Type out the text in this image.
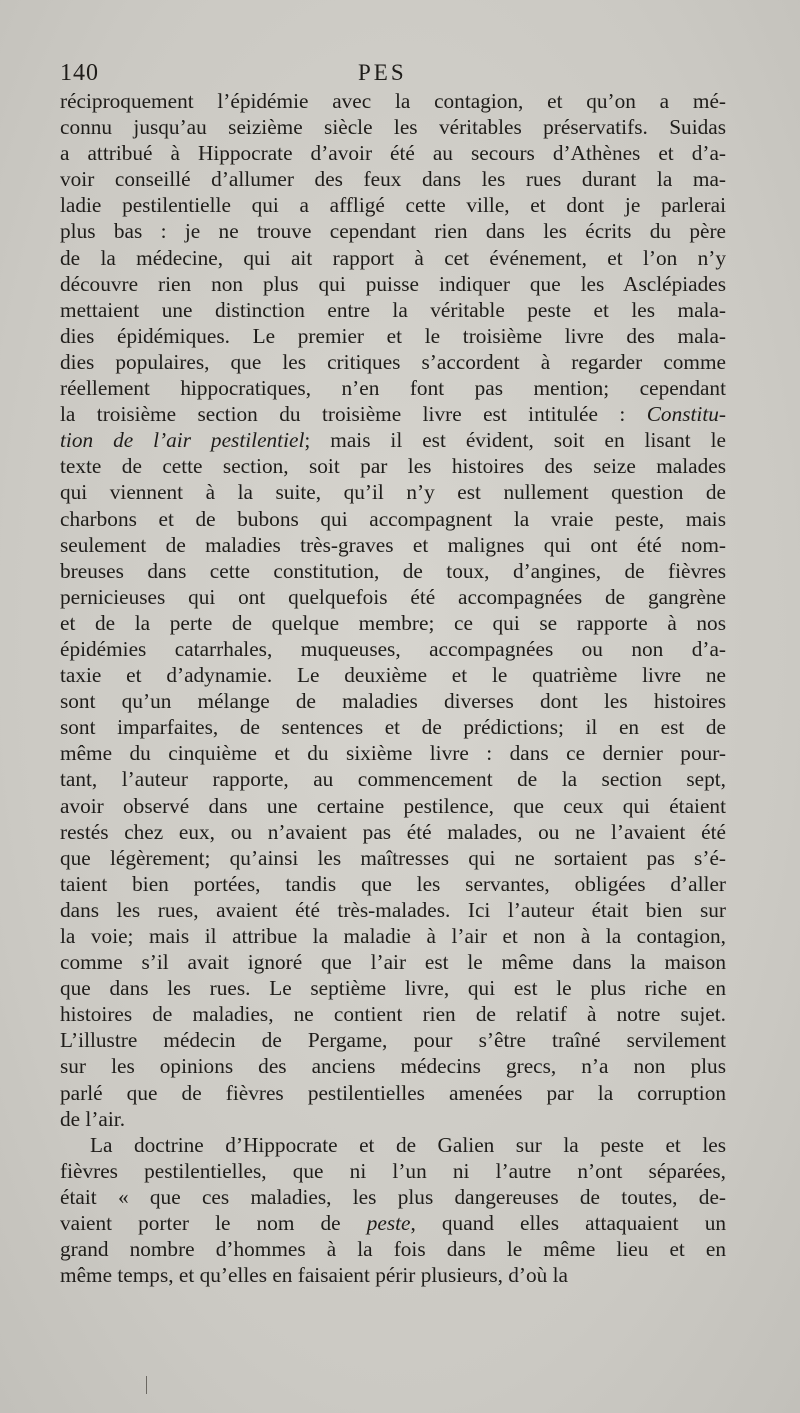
140	PES
réciproquement l’épidémie avec la contagion, et qu’on a mé-
connu jusqu’au seizième siècle les véritables préservatifs. Suidas
a attribué à Hippocrate d’avoir été au secours d’Athènes et d’a-
voir conseillé d’allumer des feux dans les rues durant la ma-
ladie pestilentielle qui a affligé cette ville, et dont je parlerai
plus bas : je ne trouve cependant rien dans les écrits du père
de la médecine, qui ait rapport à cet événement, et l’on n’y
découvre rien non plus qui puisse indiquer que les Asclépiades
mettaient une distinction entre la véritable peste et les mala-
dies épidémiques. Le premier et le troisième livre des mala-
dies populaires, que les critiques s’accordent à regarder comme
réellement hippocratiques, n’en font pas mention; cependant
la troisième section du troisième livre est intitulée : Constitu-
tion de l’air pestilentiel; mais il est évident, soit en lisant le
texte de cette section, soit par les histoires des seize malades
qui viennent à la suite, qu’il n’y est nullement question de
charbons et de bubons qui accompagnent la vraie peste, mais
seulement de maladies très-graves et malignes qui ont été nom-
breuses dans cette constitution, de toux, d’angines, de fièvres
pernicieuses qui ont quelquefois été accompagnées de gangrène
et de la perte de quelque membre; ce qui se rapporte à nos
épidémies catarrhales, muqueuses, accompagnées ou non d’a-
taxie et d’adynamie. Le deuxième et le quatrième livre ne
sont qu’un mélange de maladies diverses dont les histoires
sont imparfaites, de sentences et de prédictions; il en est de
même du cinquième et du sixième livre : dans ce dernier pour-
tant, l’auteur rapporte, au commencement de la section sept,
avoir observé dans une certaine pestilence, que ceux qui étaient
restés chez eux, ou n’avaient pas été malades, ou ne l’avaient été
que légèrement; qu’ainsi les maîtresses qui ne sortaient pas s’é-
taient bien portées, tandis que les servantes, obligées d’aller
dans les rues, avaient été très-malades. Ici l’auteur était bien sur
la voie; mais il attribue la maladie à l’air et non à la contagion,
comme s’il avait ignoré que l’air est le même dans la maison
que dans les rues. Le septième livre, qui est le plus riche en
histoires de maladies, ne contient rien de relatif à notre sujet.
L’illustre médecin de Pergame, pour s’être traîné servilement
sur les opinions des anciens médecins grecs, n’a non plus
parlé que de fièvres pestilentielles amenées par la corruption
de l’air.
La doctrine d’Hippocrate et de Galien sur la peste et les
fièvres pestilentielles, que ni l’un ni l’autre n’ont séparées,
était « que ces maladies, les plus dangereuses de toutes, de-
vaient porter le nom de peste, quand elles attaquaient un
grand nombre d’hommes à la fois dans le même lieu et en
même temps, et qu’elles en faisaient périr plusieurs, d’où la
